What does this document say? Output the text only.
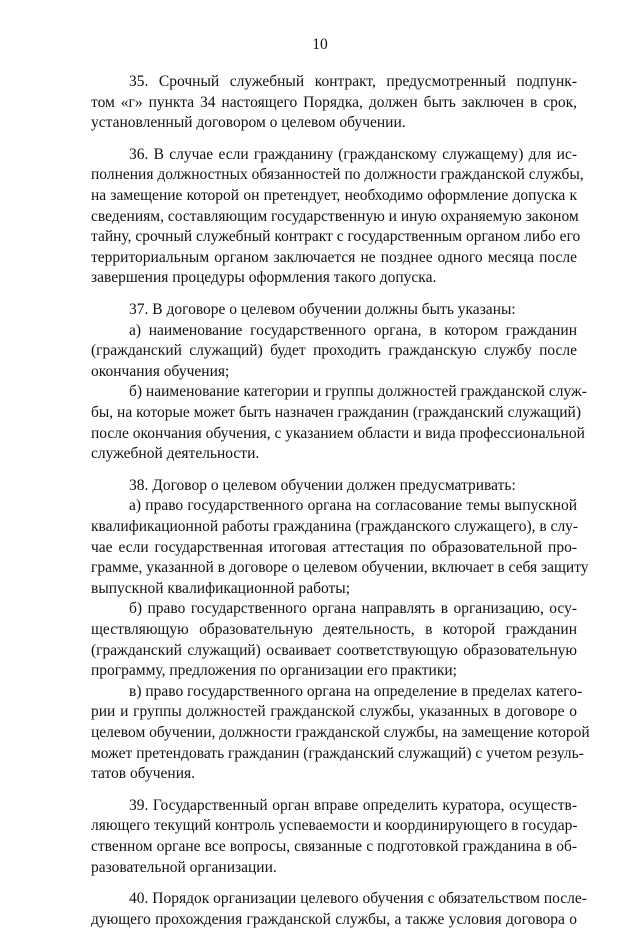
10
35. Срочный служебный контракт, предусмотренный подпунк-
том «г» пункта 34 настоящего Порядка, должен быть заключен в срок,
установленный договором о целевом обучении.
36. В случае если гражданину (гражданскому служащему) для ис-
полнения должностных обязанностей по должности гражданской службы,
на замещение которой он претендует, необходимо оформление допуска к
сведениям, составляющим государственную и иную охраняемую законом
тайну, срочный служебный контракт с государственным органом либо его
территориальным органом заключается не позднее одного месяца после
завершения процедуры оформления такого допуска.
37. В договоре о целевом обучении должны быть указаны:
а) наименование государственного органа, в котором гражданин
(гражданский служащий) будет проходить гражданскую службу после
окончания обучения;
б) наименование категории и группы должностей гражданской служ-
бы, на которые может быть назначен гражданин (гражданский служащий)
после окончания обучения, с указанием области и вида профессиональной
служебной деятельности.
38. Договор о целевом обучении должен предусматривать:
а) право государственного органа на согласование темы выпускной
квалификационной работы гражданина (гражданского служащего), в слу-
чае если государственная итоговая аттестация по образовательной про-
грамме, указанной в договоре о целевом обучении, включает в себя защиту
выпускной квалификационной работы;
б) право государственного органа направлять в организацию, осу-
ществляющую образовательную деятельность, в которой гражданин
(гражданский служащий) осваивает соответствующую образовательную
программу, предложения по организации его практики;
в) право государственного органа на определение в пределах катего-
рии и группы должностей гражданской службы, указанных в договоре о
целевом обучении, должности гражданской службы, на замещение которой
может претендовать гражданин (гражданский служащий) с учетом резуль-
татов обучения.
39. Государственный орган вправе определить куратора, осуществ-
ляющего текущий контроль успеваемости и координирующего в государ-
ственном органе все вопросы, связанные с подготовкой гражданина в об-
разовательной организации.
40. Порядок организации целевого обучения с обязательством после-
дующего прохождения гражданской службы, а также условия договора о
